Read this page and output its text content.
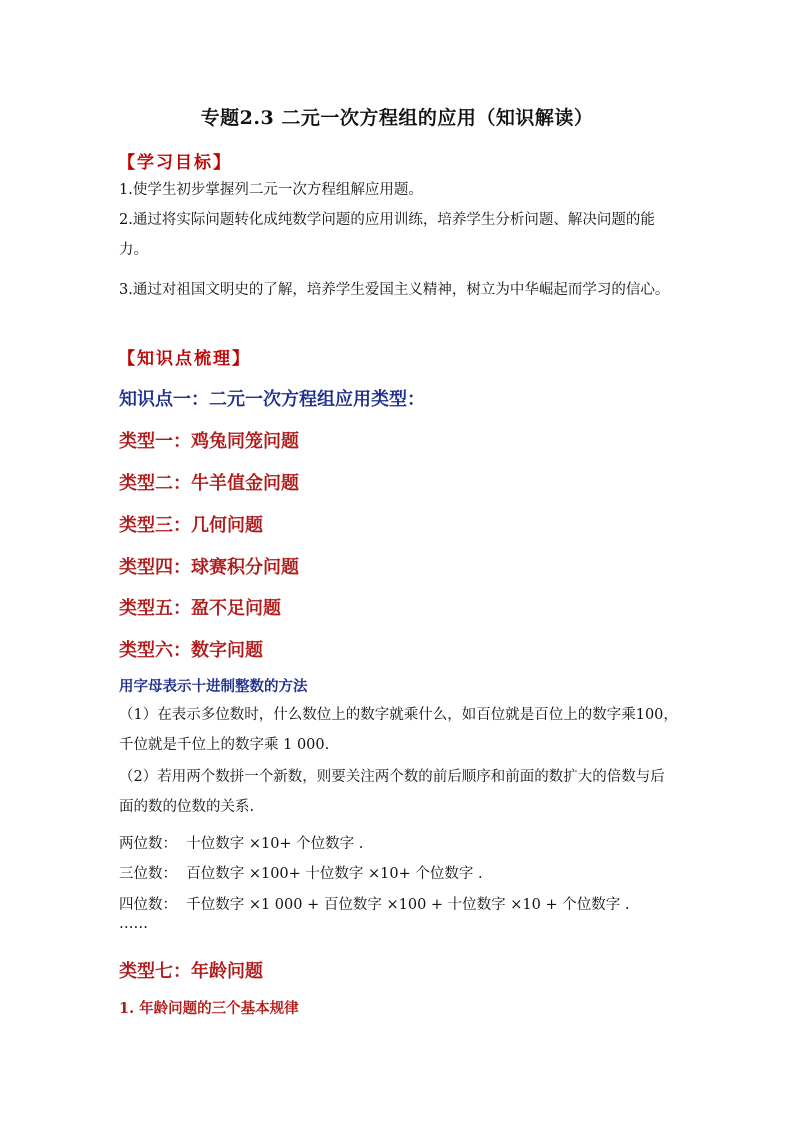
专题2.3 二元一次方程组的应用（知识解读）
【学习目标】
1.使学生初步掌握列二元一次方程组解应用题。
2.通过将实际问题转化成纯数学问题的应用训练，培养学生分析问题、解决问题的能力。
3.通过对祖国文明史的了解，培养学生爱国主义精神，树立为中华崛起而学习的信心。
【知识点梳理】
知识点一：二元一次方程组应用类型：
类型一：鸡兔同笼问题
类型二：牛羊值金问题
类型三：几何问题
类型四：球赛积分问题
类型五：盈不足问题
类型六：数字问题
用字母表示十进制整数的方法
（1）在表示多位数时，什么数位上的数字就乘什么，如百位就是百位上的数字乘100，千位就是千位上的数字乘 1 000.
（2）若用两个数拼一个新数，则要关注两个数的前后顺序和前面的数扩大的倍数与后面的数的位数的关系.
两位数：  十位数字 ×10+ 个位数字 .
三位数：  百位数字 ×100+ 十位数字 ×10+ 个位数字 .
四位数：  千位数字 ×1 000 + 百位数字 ×100 + 十位数字 ×10 + 个位数字 .
……
类型七：年龄问题
1. 年龄问题的三个基本规律
